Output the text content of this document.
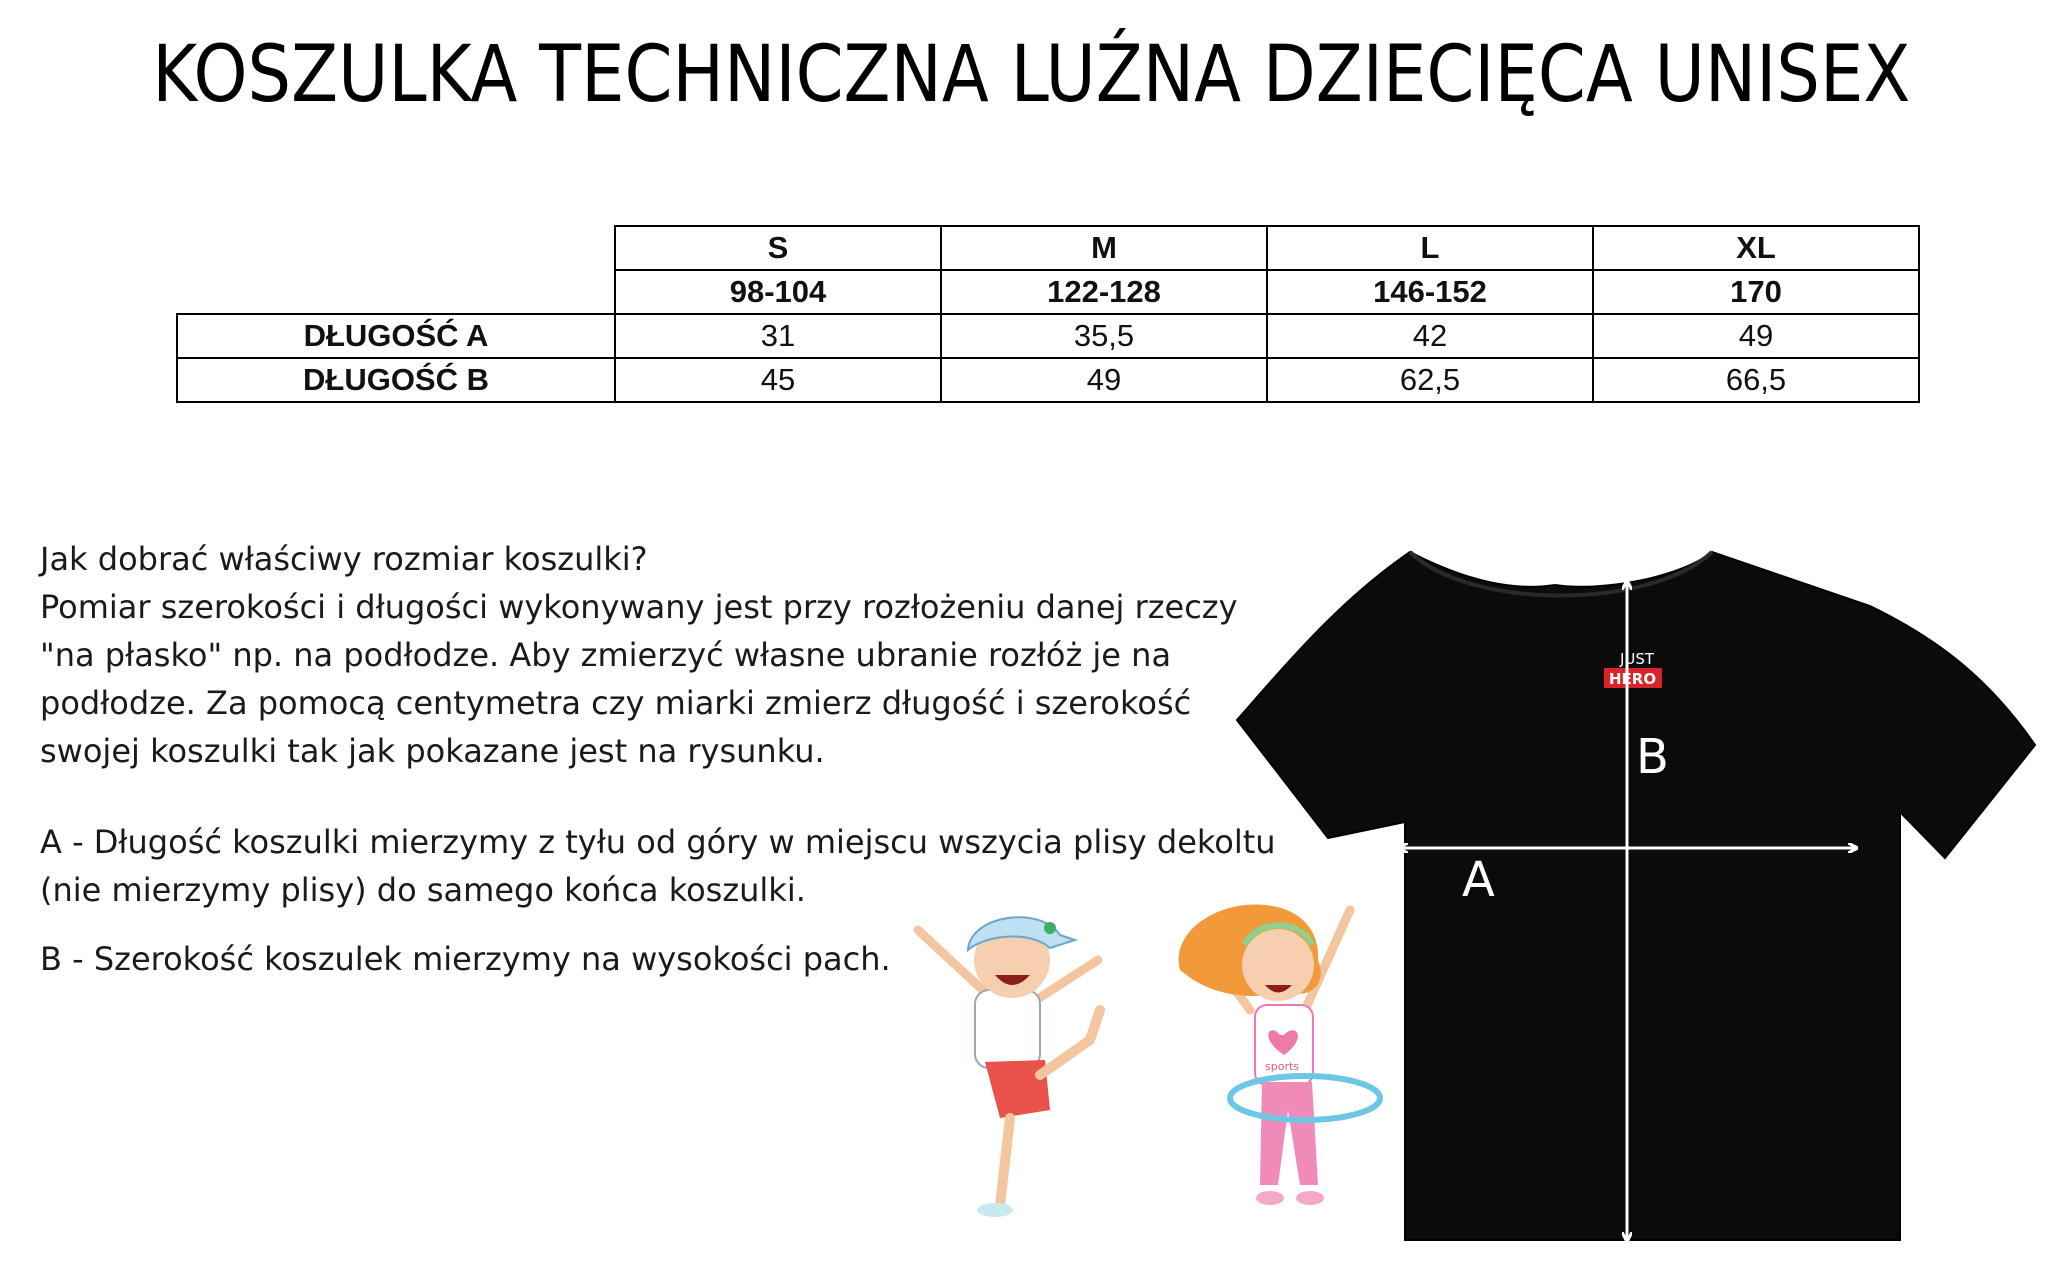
KOSZULKA TECHNICZNA LUŹNA DZIECIĘCA UNISEX
	S	M	L	XL
	98-104	122-128	146-152	170
DŁUGOŚĆ A	31	35,5	42	49
DŁUGOŚĆ B	45	49	62,5	66,5

Jak dobrać właściwy rozmiar koszulki?

Pomiar szerokości i długości wykonywany jest przy rozłożeniu danej rzeczy

"na płasko" np. na podłodze. Aby zmierzyć własne ubranie rozłóż je na

podłodze. Za pomocą centymetra czy miarki zmierz długość i szerokość

swojej koszulki tak jak pokazane jest na rysunku.

A - Długość koszulki mierzymy z tyłu od góry w miejscu wszycia plisy dekoltu

(nie mierzymy plisy) do samego końca koszulki.

B - Szerokość koszulek mierzymy na wysokości pach.

JUST
HERO
B
A
sports
